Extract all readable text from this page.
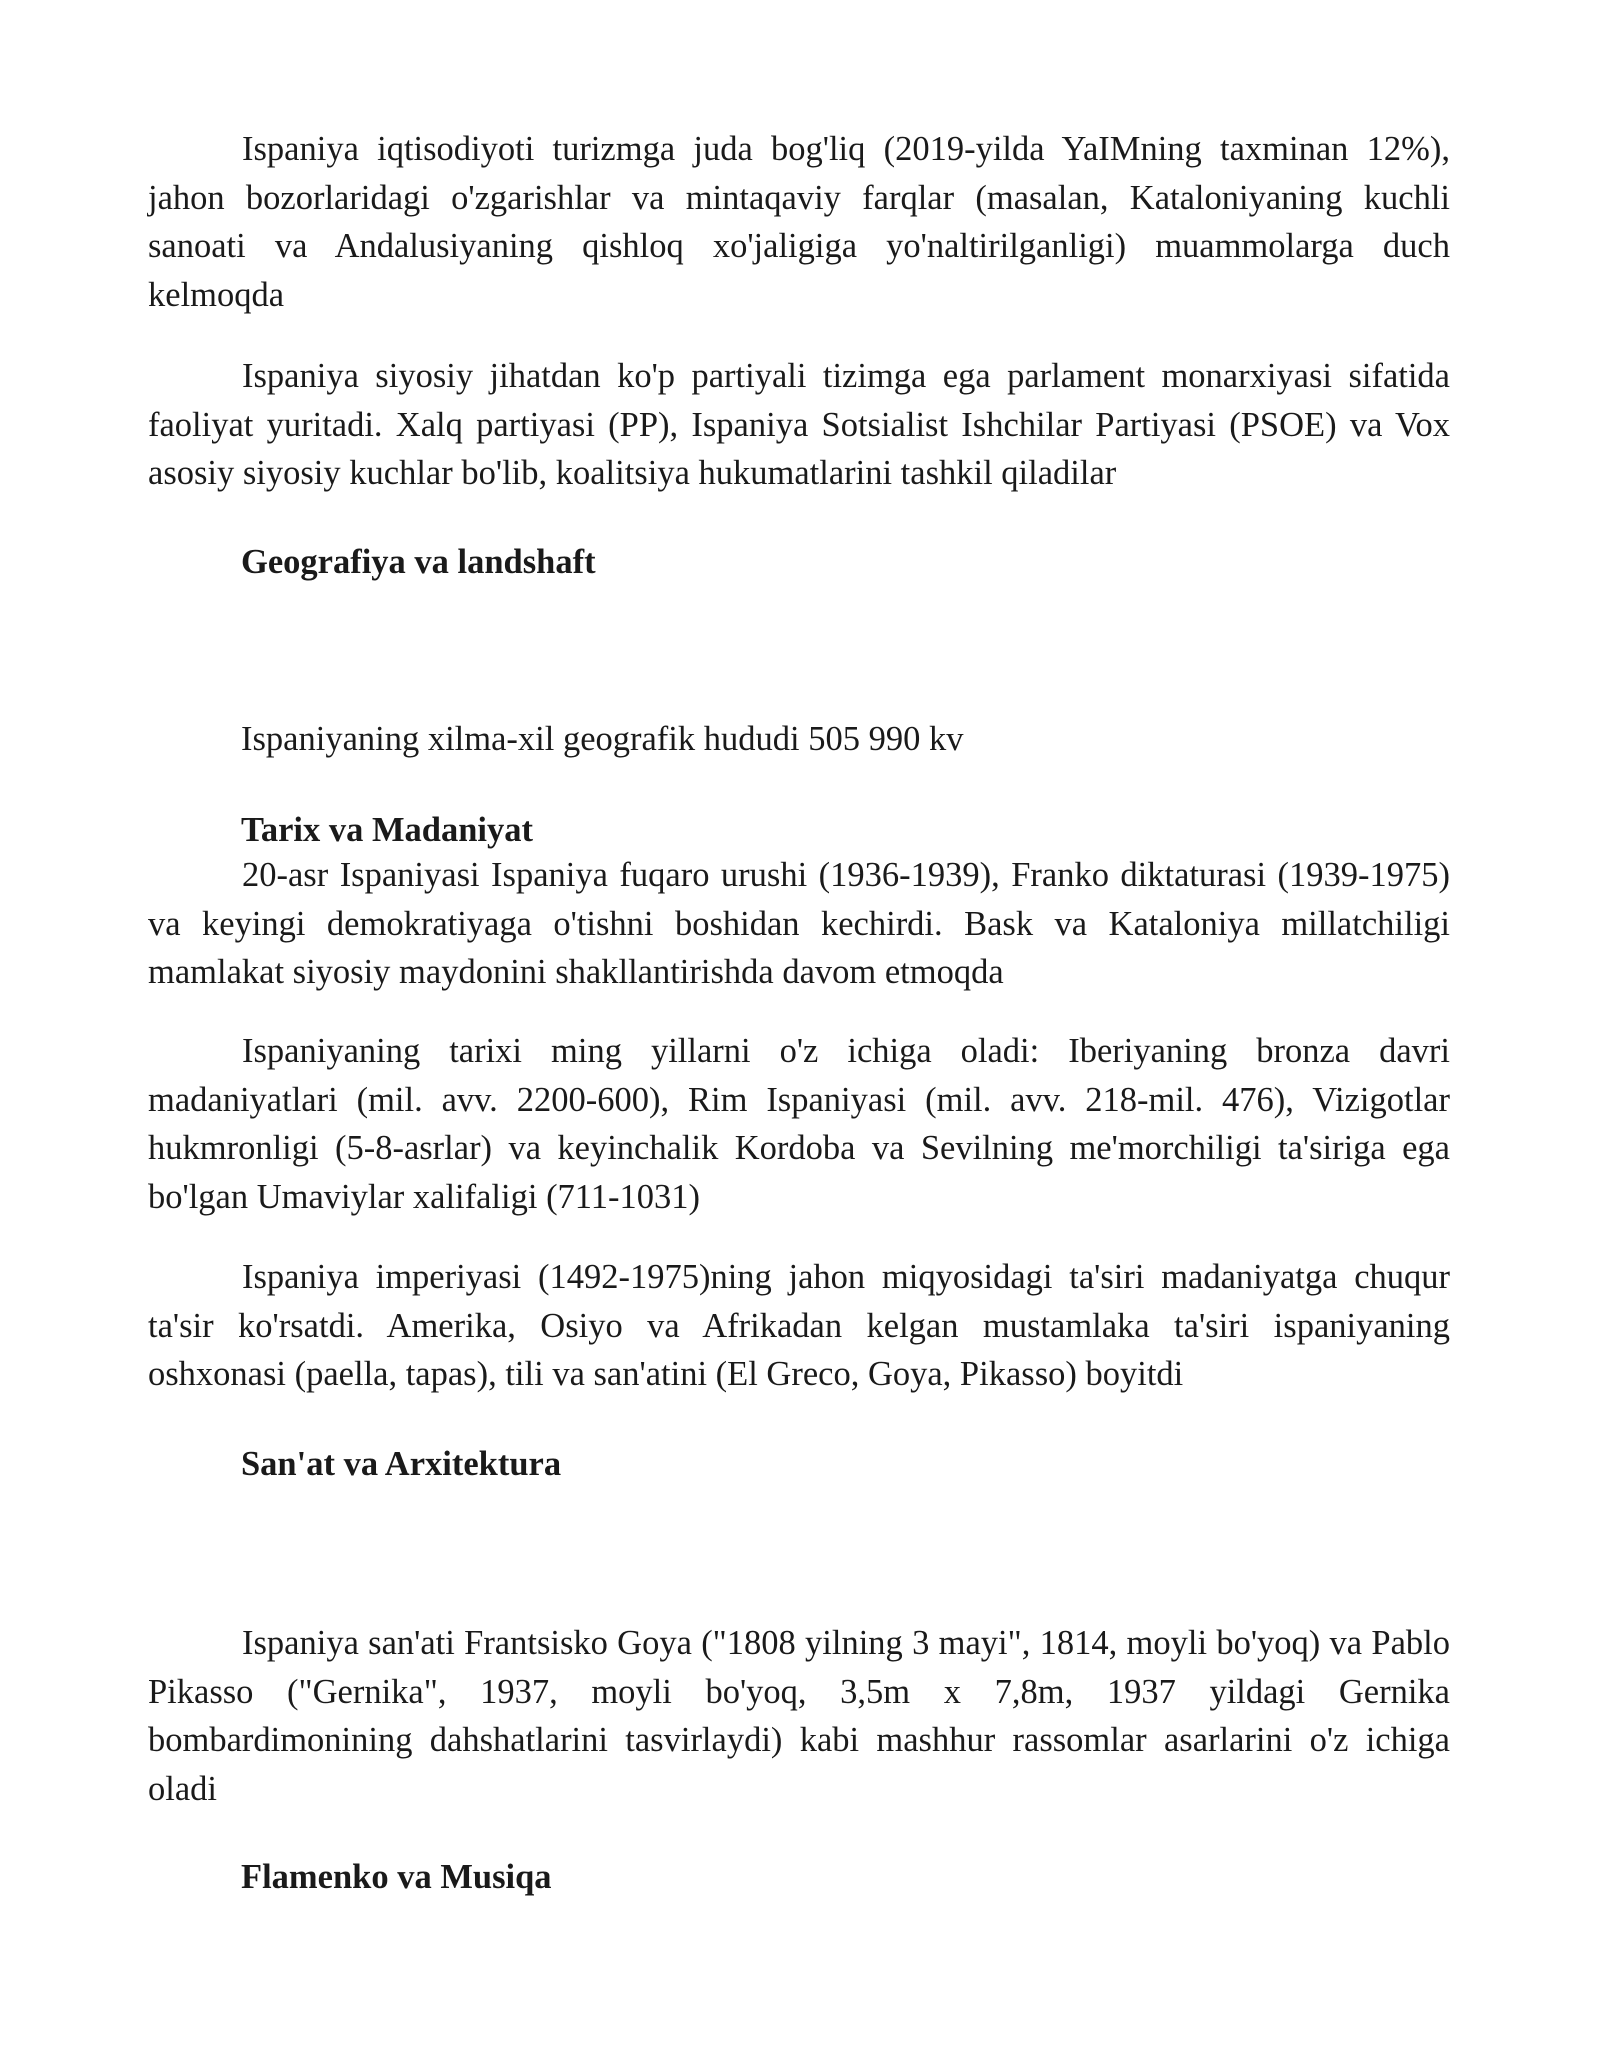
Ispaniya iqtisodiyoti turizmga juda bog'liq (2019-yilda YaIMning taxminan 12%), jahon bozorlaridagi o'zgarishlar va mintaqaviy farqlar (masalan, Kataloniyaning kuchli sanoati va Andalusiyaning qishloq xo'jaligiga yo'naltirilganligi) muammolarga duch kelmoqda

Ispaniya siyosiy jihatdan ko'p partiyali tizimga ega parlament monarxiyasi sifatida faoliyat yuritadi. Xalq partiyasi (PP), Ispaniya Sotsialist Ishchilar Partiyasi (PSOE) va Vox asosiy siyosiy kuchlar bo'lib, koalitsiya hukumatlarini tashkil qiladilar

Geografiya va landshaft

Ispaniyaning xilma-xil geografik hududi 505 990 kv

Tarix va Madaniyat

20-asr Ispaniyasi Ispaniya fuqaro urushi (1936-1939), Franko diktaturasi (1939-1975) va keyingi demokratiyaga o'tishni boshidan kechirdi. Bask va Kataloniya millatchiligi mamlakat siyosiy maydonini shakllantirishda davom etmoqda

Ispaniyaning tarixi ming yillarni o'z ichiga oladi: Iberiyaning bronza davri madaniyatlari (mil. avv. 2200-600), Rim Ispaniyasi (mil. avv. 218-mil. 476), Vizigotlar hukmronligi (5-8-asrlar) va keyinchalik Kordoba va Sevilning me'morchiligi ta'siriga ega bo'lgan Umaviylar xalifaligi (711-1031)

Ispaniya imperiyasi (1492-1975)ning jahon miqyosidagi ta'siri madaniyatga chuqur ta'sir ko'rsatdi. Amerika, Osiyo va Afrikadan kelgan mustamlaka ta'siri ispaniyaning oshxonasi (paella, tapas), tili va san'atini (El Greco, Goya, Pikasso) boyitdi

San'at va Arxitektura

Ispaniya san'ati Frantsisko Goya ("1808 yilning 3 mayi", 1814, moyli bo'yoq) va Pablo Pikasso ("Gernika", 1937, moyli bo'yoq, 3,5m x 7,8m, 1937 yildagi Gernika bombardimonining dahshatlarini tasvirlaydi) kabi mashhur rassomlar asarlarini o'z ichiga oladi

Flamenko va Musiqa
